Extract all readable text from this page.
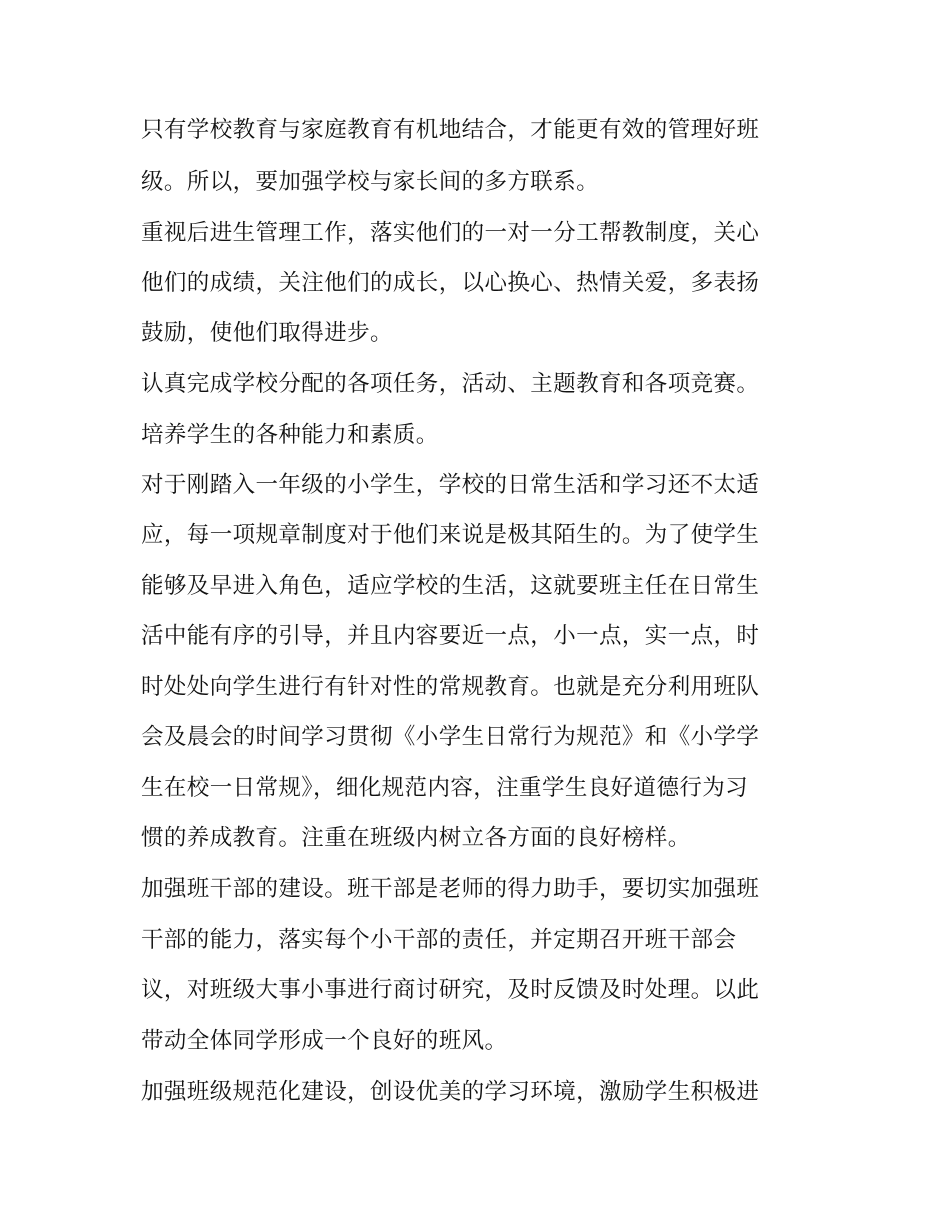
只有学校教育与家庭教育有机地结合，才能更有效的管理好班
级。所以，要加强学校与家长间的多方联系。
重视后进生管理工作，落实他们的一对一分工帮教制度，关心
他们的成绩，关注他们的成长，以心换心、热情关爱，多表扬
鼓励，使他们取得进步。
认真完成学校分配的各项任务，活动、主题教育和各项竞赛。
培养学生的各种能力和素质。
对于刚踏入一年级的小学生，学校的日常生活和学习还不太适
应，每一项规章制度对于他们来说是极其陌生的。为了使学生
能够及早进入角色，适应学校的生活，这就要班主任在日常生
活中能有序的引导，并且内容要近一点，小一点，实一点，时
时处处向学生进行有针对性的常规教育。也就是充分利用班队
会及晨会的时间学习贯彻《小学生日常行为规范》和《小学学
生在校一日常规》，细化规范内容，注重学生良好道德行为习
惯的养成教育。注重在班级内树立各方面的良好榜样。
加强班干部的建设。班干部是老师的得力助手，要切实加强班
干部的能力，落实每个小干部的责任，并定期召开班干部会
议，对班级大事小事进行商讨研究，及时反馈及时处理。以此
带动全体同学形成一个良好的班风。
加强班级规范化建设，创设优美的学习环境，激励学生积极进
